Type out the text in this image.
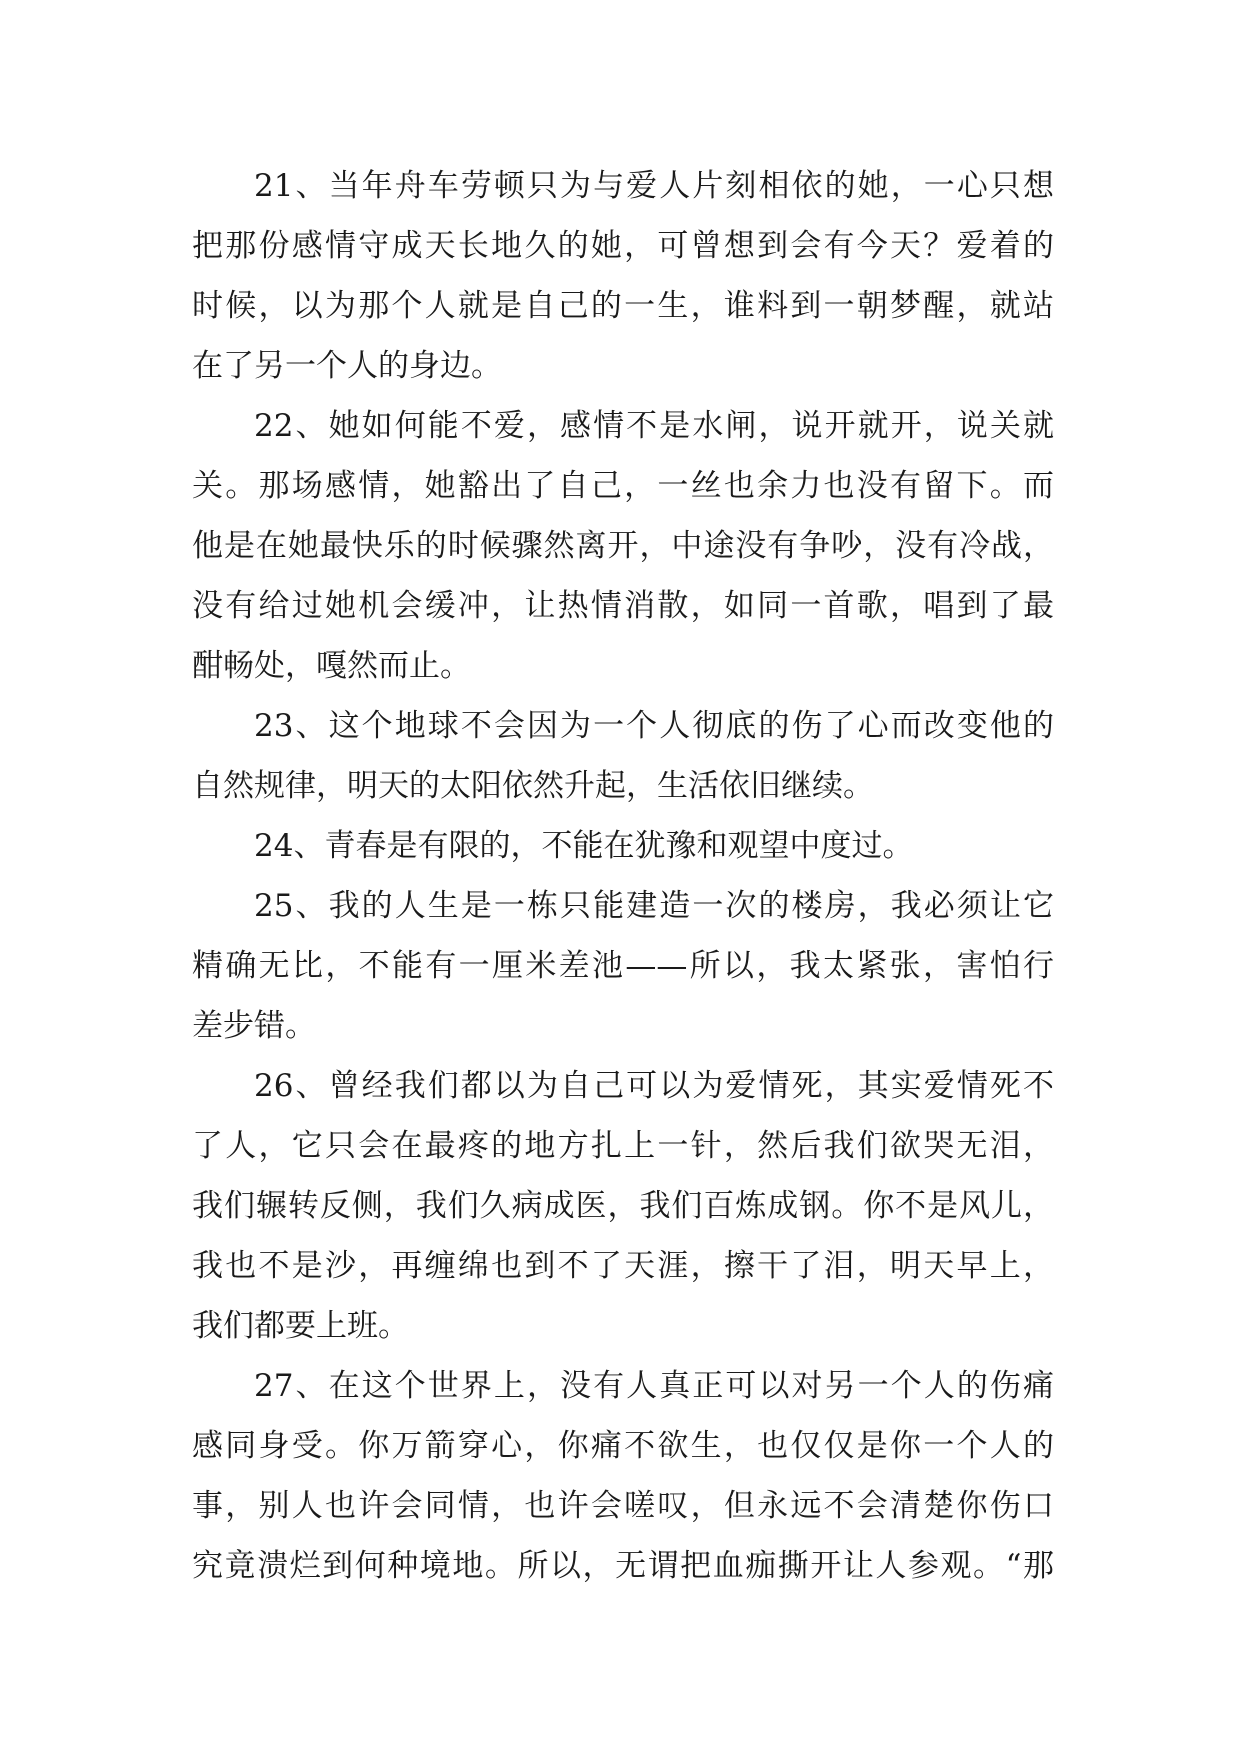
21、当年舟车劳顿只为与爱人片刻相依的她，一心只想
把那份感情守成天长地久的她，可曾想到会有今天？爱着的
时候，以为那个人就是自己的一生，谁料到一朝梦醒，就站
在了另一个人的身边。

22、她如何能不爱，感情不是水闸，说开就开，说关就
关。那场感情，她豁出了自己，一丝也余力也没有留下。而
他是在她最快乐的时候骤然离开，中途没有争吵，没有冷战，
没有给过她机会缓冲，让热情消散，如同一首歌，唱到了最
酣畅处，嘎然而止。

23、这个地球不会因为一个人彻底的伤了心而改变他的
自然规律，明天的太阳依然升起，生活依旧继续。

24、青春是有限的，不能在犹豫和观望中度过。

25、我的人生是一栋只能建造一次的楼房，我必须让它
精确无比，不能有一厘米差池——所以，我太紧张，害怕行
差步错。

26、曾经我们都以为自己可以为爱情死，其实爱情死不
了人，它只会在最疼的地方扎上一针，然后我们欲哭无泪，
我们辗转反侧，我们久病成医，我们百炼成钢。你不是风儿，
我也不是沙，再缠绵也到不了天涯，擦干了泪，明天早上，
我们都要上班。

27、在这个世界上，没有人真正可以对另一个人的伤痛
感同身受。你万箭穿心，你痛不欲生，也仅仅是你一个人的
事，别人也许会同情，也许会嗟叹，但永远不会清楚你伤口
究竟溃烂到何种境地。所以，无谓把血痂撕开让人参观。“那
